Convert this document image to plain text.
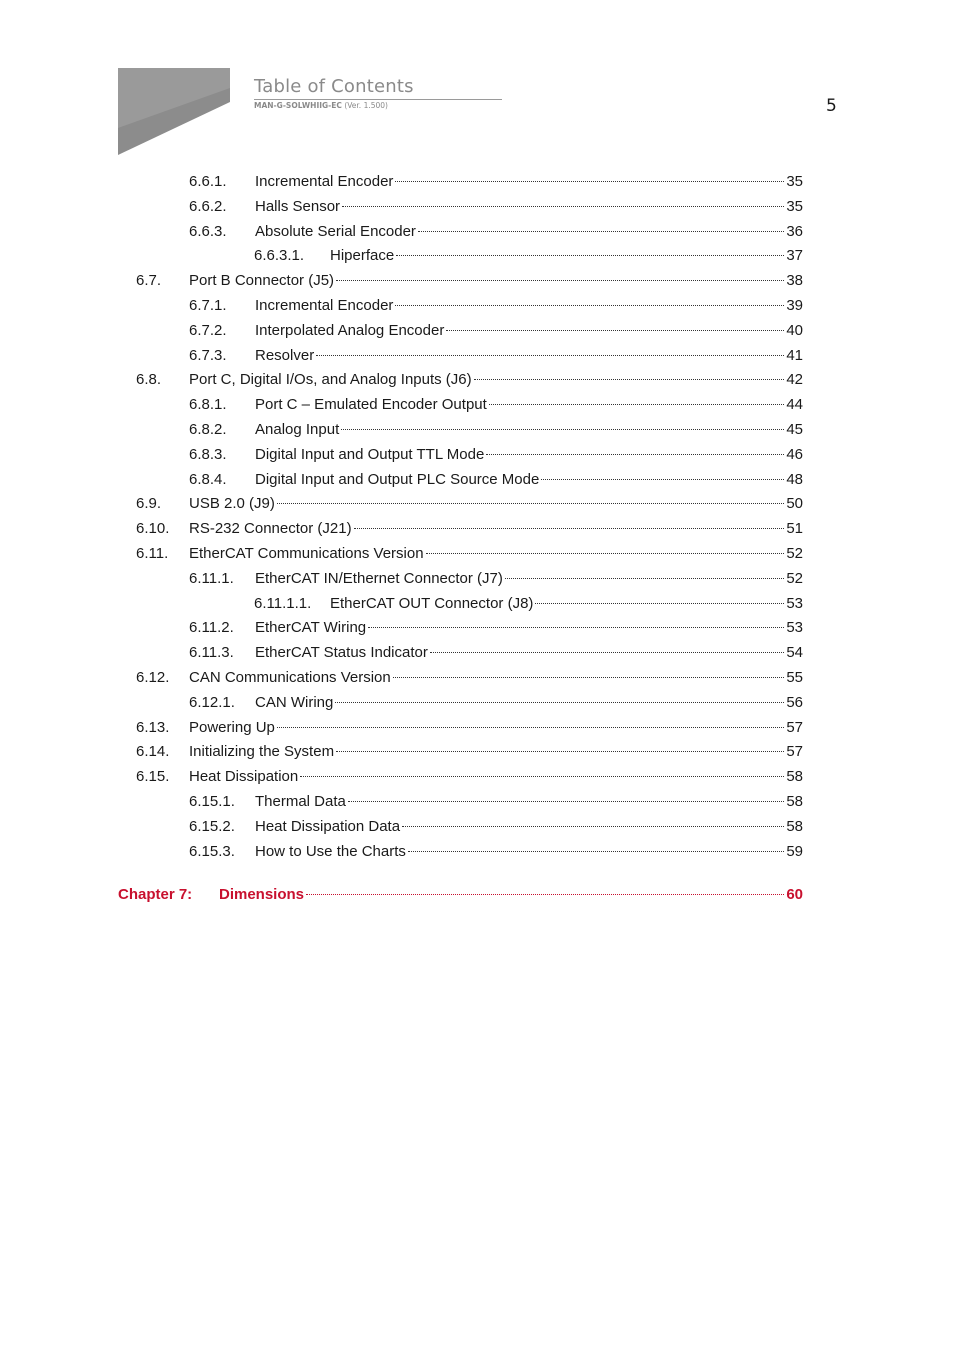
Table of Contents
MAN-G-SOLWHIIG-EC (Ver. 1.500)	5
6.6.1.	Incremental Encoder	35
6.6.2.	Halls Sensor	35
6.6.3.	Absolute Serial Encoder	36
6.6.3.1.	Hiperface	37
6.7.	Port B Connector (J5)	38
6.7.1.	Incremental Encoder	39
6.7.2.	Interpolated Analog Encoder	40
6.7.3.	Resolver	41
6.8.	Port C, Digital I/Os, and Analog Inputs (J6)	42
6.8.1.	Port C – Emulated Encoder Output	44
6.8.2.	Analog Input	45
6.8.3.	Digital Input and Output TTL Mode	46
6.8.4.	Digital Input and Output PLC Source Mode	48
6.9.	USB 2.0 (J9)	50
6.10.	RS-232 Connector (J21)	51
6.11.	EtherCAT Communications Version	52
6.11.1.	EtherCAT IN/Ethernet Connector (J7)	52
6.11.1.1.	EtherCAT OUT Connector (J8)	53
6.11.2.	EtherCAT Wiring	53
6.11.3.	EtherCAT Status Indicator	54
6.12.	CAN Communications Version	55
6.12.1.	CAN Wiring	56
6.13.	Powering Up	57
6.14.	Initializing the System	57
6.15.	Heat Dissipation	58
6.15.1.	Thermal Data	58
6.15.2.	Heat Dissipation Data	58
6.15.3.	How to Use the Charts	59
Chapter 7:	Dimensions	60
